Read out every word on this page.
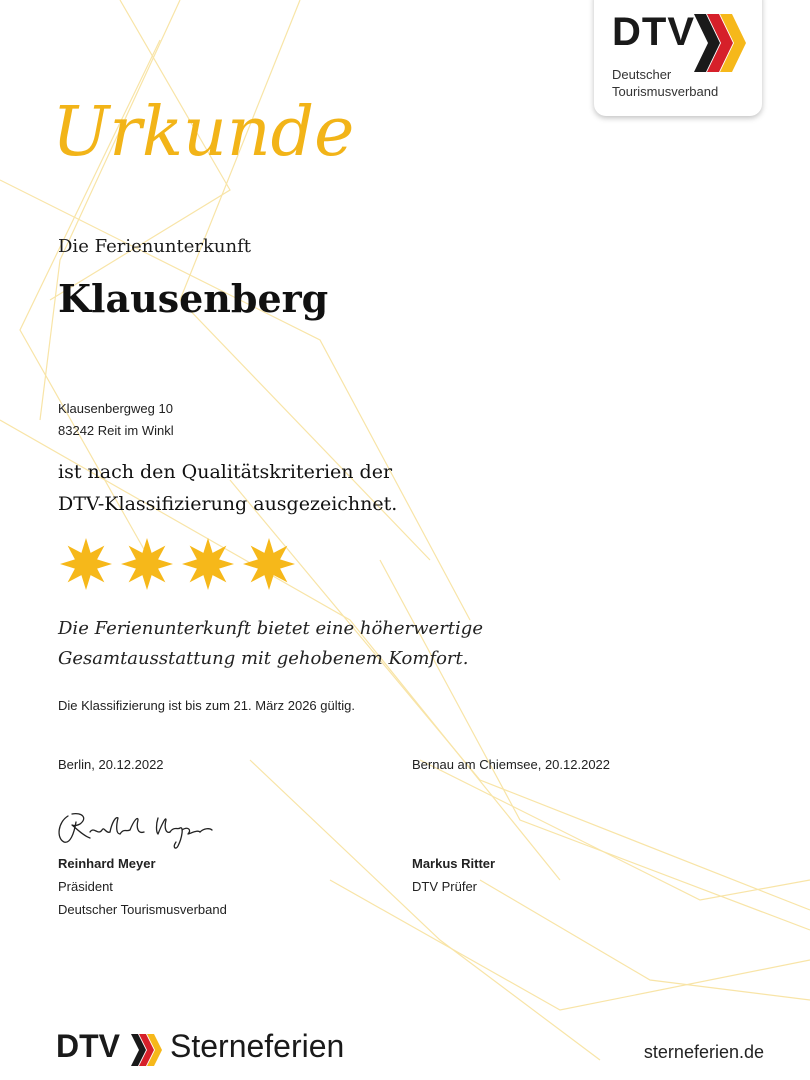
DTV
Deutscher
Tourismusverband
Urkunde
Die Ferienunterkunft
Klausenberg
Klausenbergweg 10
83242 Reit im Winkl
ist nach den Qualitätskriterien der
DTV-Klassifizierung ausgezeichnet.
Die Ferienunterkunft bietet eine höherwertige
Gesamtausstattung mit gehobenem Komfort.
Die Klassifizierung ist bis zum 21. März 2026 gültig.
Berlin, 20.12.2022	Bernau am Chiemsee, 20.12.2022
Reinhard Meyer
Präsident
Deutscher Tourismusverband
Markus Ritter
DTV Prüfer
DTV Sterneferien	sterneferien.de
